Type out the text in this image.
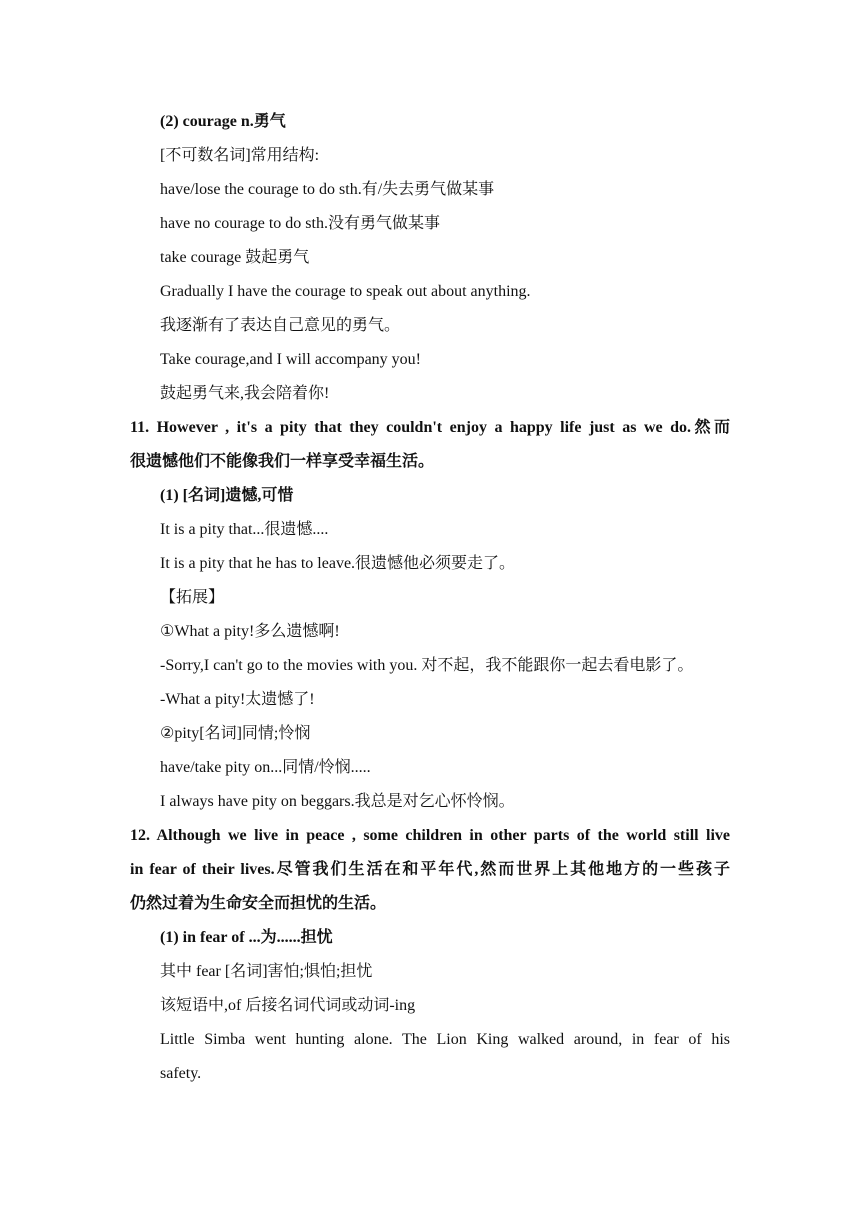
(2) courage n.勇气
[不可数名词]常用结构:
have/lose the courage to do sth.有/失去勇气做某事
have no courage to do sth.没有勇气做某事
take courage 鼓起勇气
Gradually I have the courage to speak out about anything.
我逐渐有了表达自己意见的勇气。
Take courage,and I will accompany you!
鼓起勇气来,我会陪着你!
11. However , it's a pity that they couldn't enjoy a happy life just as we do.然而
很遗憾他们不能像我们一样享受幸福生活。
(1) [名词]遗憾,可惜
It is a pity that...很遗憾....
It is a pity that he has to leave.很遗憾他必须要走了。
【拓展】
①What a pity!多么遗憾啊!
-Sorry,I can't go to the movies with you. 对不起，我不能跟你一起去看电影了。
-What a pity!太遗憾了!
②pity[名词]同情;怜悯
have/take pity on...同情/怜悯.....
I always have pity on beggars.我总是对乞心怀怜悯。
12. Although we live in peace , some children in other parts of the world still live
in fear of their lives.尽管我们生活在和平年代,然而世界上其他地方的一些孩子
仍然过着为生命安全而担忧的生活。
(1) in fear of ...为......担忧
其中 fear [名词]害怕;惧怕;担忧
该短语中,of 后接名词代词或动词-ing
Little Simba went hunting alone. The Lion King walked around, in fear of his
safety.
